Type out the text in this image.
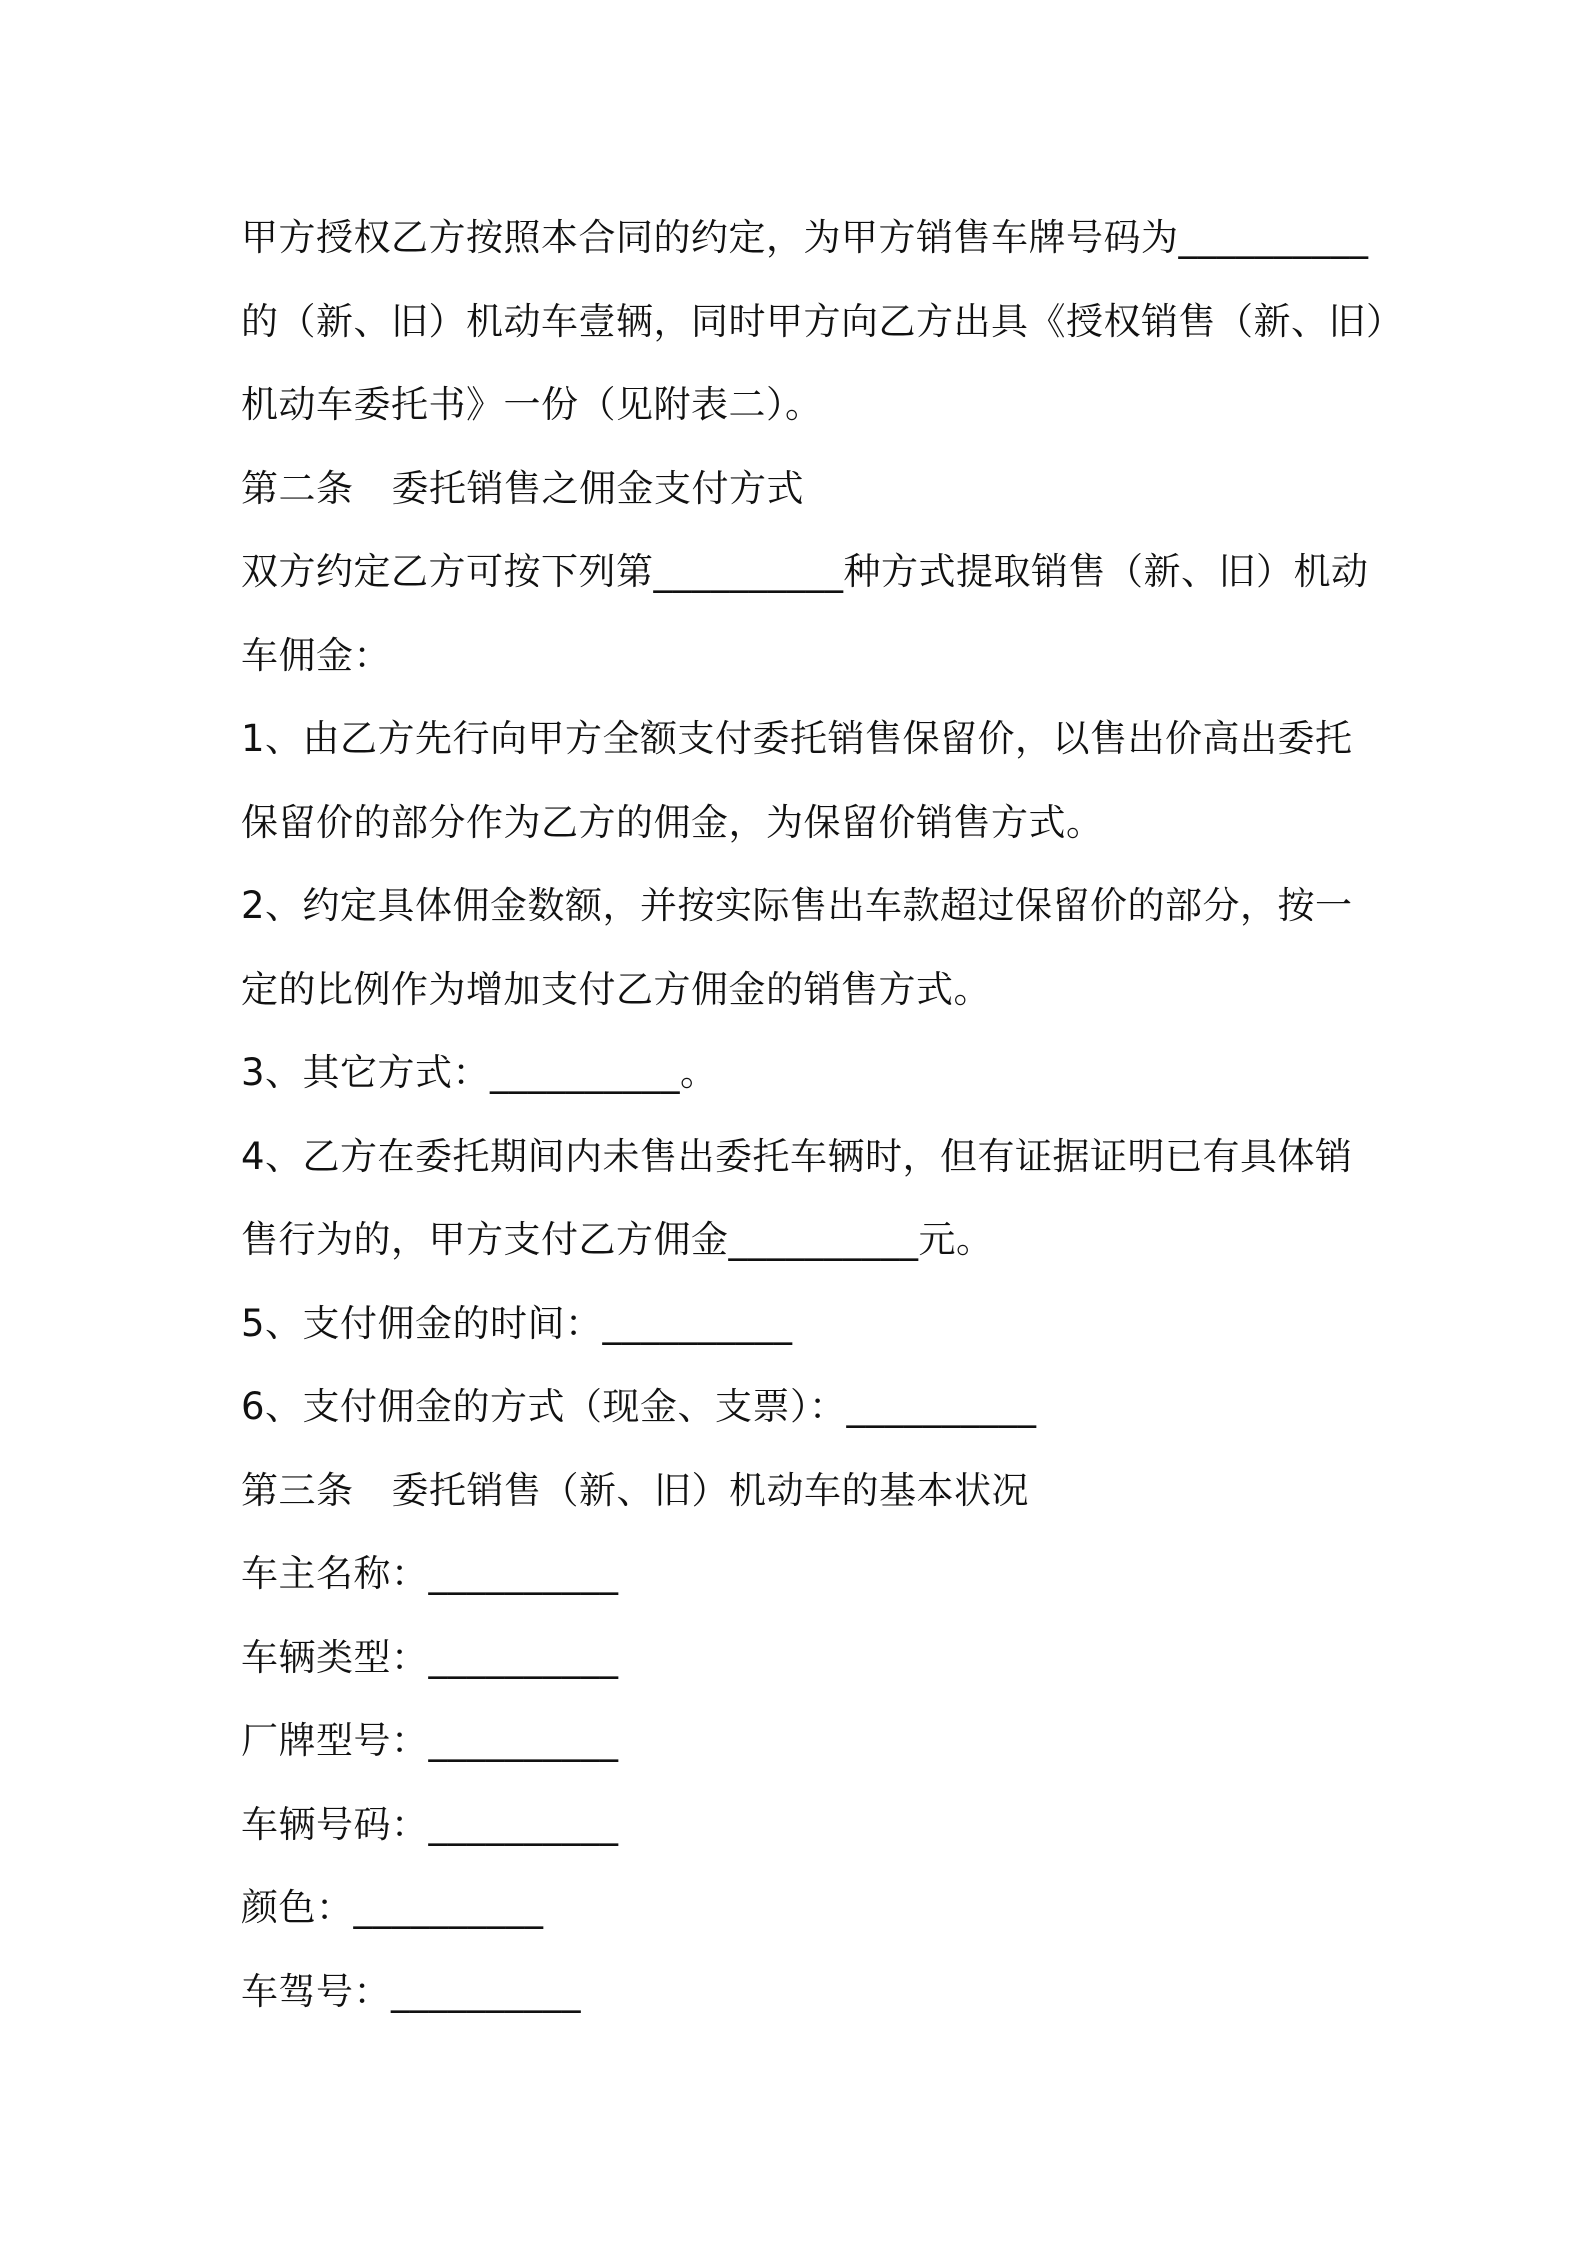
甲方授权乙方按照本合同的约定，为甲方销售车牌号码为__________
的（新、旧）机动车壹辆，同时甲方向乙方出具《授权销售（新、旧）
机动车委托书》一份（见附表二）。
第二条 委托销售之佣金支付方式
双方约定乙方可按下列第__________种方式提取销售（新、旧）机动
车佣金：
1、由乙方先行向甲方全额支付委托销售保留价，以售出价高出委托
保留价的部分作为乙方的佣金，为保留价销售方式。
2、约定具体佣金数额，并按实际售出车款超过保留价的部分，按一
定的比例作为增加支付乙方佣金的销售方式。
3、其它方式：__________。
4、乙方在委托期间内未售出委托车辆时，但有证据证明已有具体销
售行为的，甲方支付乙方佣金__________元。
5、支付佣金的时间：__________
6、支付佣金的方式（现金、支票）：__________
第三条 委托销售（新、旧）机动车的基本状况
车主名称：__________
车辆类型：__________
厂牌型号：__________
车辆号码：__________
颜色：__________
车驾号：__________
